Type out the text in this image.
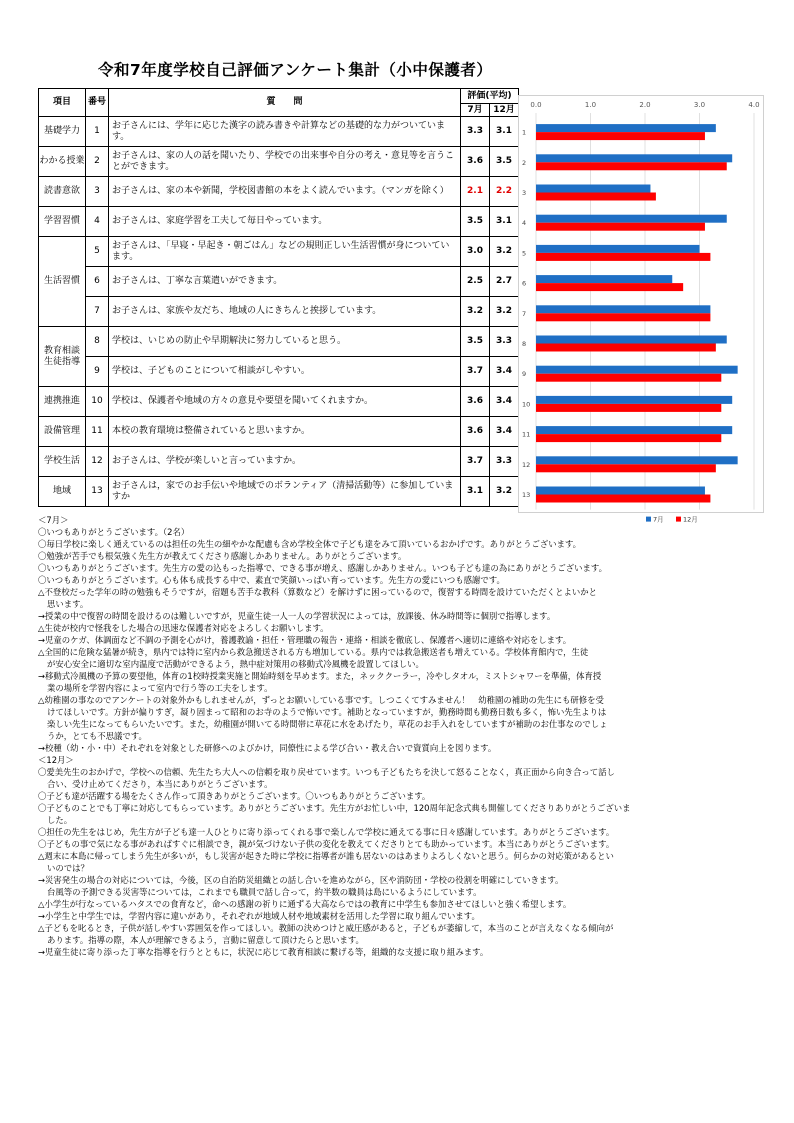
令和7年度学校自己評価アンケート集計（小中保護者）
項目	番号	質　　問	評価(平均)	
			7月	12月
基礎学力	1	お子さんには、学年に応じた漢字の読み書きや計算などの基礎的な力がついています。	3.3	3.1
わかる授業	2	お子さんは、家の人の話を聞いたり、学校での出来事や自分の考え・意見等を言うことができます。	3.6	3.5
読書意欲	3	お子さんは、家の本や新聞，学校図書館の本をよく読んでいます。（マンガを除く）	2.1	2.2
学習習慣	4	お子さんは、家庭学習を工夫して毎日やっています。	3.5	3.1
生活習慣	5	お子さんは、「早寝・早起き・朝ごはん」などの規則正しい生活習慣が身についています。	3.0	3.2
	6	お子さんは、丁寧な言葉遣いができます。	2.5	2.7
	7	お子さんは、家族や友だち、地域の人にきちんと挨拶しています。	3.2	3.2
教育相談
生徒指導	8	学校は、いじめの防止や早期解決に努力していると思う。	3.5	3.3
	9	学校は、子どものことについて相談がしやすい。	3.7	3.4
連携推進	10	学校は、保護者や地域の方々の意見や要望を聞いてくれますか。	3.6	3.4
設備管理	11	本校の教育環境は整備されていると思いますか。	3.6	3.4
学校生活	12	お子さんは、学校が楽しいと言っていますか。	3.7	3.3
地域	13	お子さんは，家でのお手伝いや地域でのボランティア（清掃活動等）に参加していますか	3.1	3.2
0.0	1.0	2.0	3.0	4.0
1
2
3
4
5
6
7
8
9
10
11
12
13
7月	12月
＜7月＞
〇いつもありがとうございます。（2名）
〇毎日学校に楽しく通えているのは担任の先生の細やかな配慮も含め学校全体で子ども達をみて頂いているおかげです。ありがとうございます。
〇勉強が苦手でも根気強く先生方が教えてくださり感謝しかありません。ありがとうございます。
〇いつもありがとうございます。先生方の愛の込もった指導で、できる事が増え、感謝しかありません。いつも子ども達の為にありがとうございます。
〇いつもありがとうございます。心も体も成長する中で、素直で笑顔いっぱい育っています。先生方の愛にいつも感謝です。
△不登校だった学年の時の勉強もそうですが，宿題も苦手な教科（算数など）を解けずに困っているので，復習する時間を設けていただくとよいかと
思います。
→授業の中で復習の時間を設けるのは難しいですが，児童生徒一人一人の学習状況によっては，放課後、休み時間等に個別で指導します。
△生徒が校内で怪我をした場合の迅速な保護者対応をよろしくお願いします。
→児童のケガ、体調面など不調の予測を心がけ，養護教諭・担任・管理職の報告・連絡・相談を徹底し、保護者へ適切に連絡や対応をします。
△全国的に危険な猛暑が続き，県内では特に室内から救急搬送される方も増加している。県内では救急搬送者も増えている。学校体育館内で，生徒
が安心安全に適切な室内温度で活動ができるよう，熱中症対策用の移動式冷風機を設置してほしい。
→移動式冷風機の予算の要望他，体育の1校時授業実施と開始時刻を早めます。また，ネッククーラー，冷やしタオル，ミストシャワーを準備，体育授
業の場所を学習内容によって室内で行う等の工夫をします。
△幼稚園の事なのでアンケートの対象外かもしれませんが，ずっとお願いしている事です。しつこくてすみません！　幼稚園の補助の先生にも研修を受
けてほしいです。方針が偏りすぎ，凝り固まって昭和のお寺のようで怖いです。補助となっていますが，勤務時間も勤務日数も多く，怖い先生よりは
楽しい先生になってもらいたいです。また，幼稚園が開いてる時間帯に草花に水をあげたり，草花のお手入れをしていますが補助のお仕事なのでしょ
うか，とても不思議です。
→校種（幼・小・中）それぞれを対象とした研修へのよびかけ，同僚性による学び合い・教え合いで資質向上を図ります。
＜12月＞
〇愛美先生のおかげで，学校への信頼、先生たち大人への信頼を取り戻せています。いつも子どもたちを決して怒ることなく，真正面から向き合って話し
合い、受け止めてくださり，本当にありがとうございます。
〇子ども達が活躍する場をたくさん作って頂きありがとうございます。〇いつもありがとうございます。
〇子どものことでも丁寧に対応してもらっています。ありがとうございます。先生方がお忙しい中，120周年記念式典も開催してくださりありがとうございま
した。
〇担任の先生をはじめ，先生方が子ども達一人ひとりに寄り添ってくれる事で楽しんで学校に通えてる事に日々感謝しています。ありがとうございます。
〇子どもの事で気になる事があればすぐに相談でき，親が気づけない子供の変化を教えてくださりとても助かっています。本当にありがとうございます。
△週末に本島に帰ってしまう先生が多いが，もし災害が起きた時に学校に指導者が誰も居ないのはあまりよろしくないと思う。何らかの対応策があるとい
いのでは？
→災害発生の場合の対応については，今後，区の自治防災組織との話し合いを進めながら，区や消防団・学校の役割を明確にしていきます。
台風等の予測できる災害等については，これまでも職員で話し合って，約半数の職員は島にいるようにしています。
△小学生が行なっているハタスでの食育など，命への感謝の祈りに通ずる大高ならではの教育に中学生も参加させてほしいと強く希望します。
→小学生と中学生では，学習内容に違いがあり，それぞれが地域人材や地域素材を活用した学習に取り組んでいます。
△子どもを叱るとき，子供が話しやすい雰囲気を作ってほしい。教師の決めつけと威圧感があると，子どもが萎縮して，本当のことが言えなくなる傾向が
あります。指導の際，本人が理解できるよう，言動に留意して頂けたらと思います。
→児童生徒に寄り添った丁寧な指導を行うとともに，状況に応じて教育相談に繋げる等，組織的な支援に取り組みます。
